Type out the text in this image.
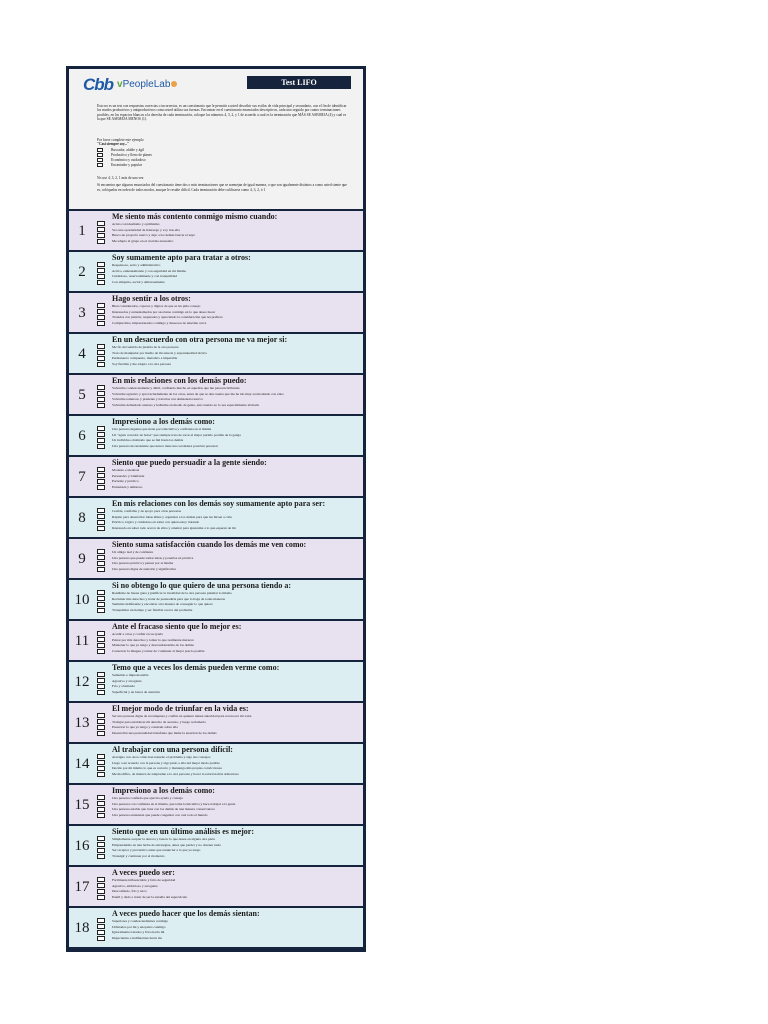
Cbb vPeopleLab	Test LIFO

Esto no es un test con respuestas correctas o incorrectas, es un cuestionario que le permitir a usted describir sus estilos de vida principal y secundario, con el fin de identificar los modos productivos y antiproductivos como usted utiliza sus fuerzas. Encontrar en el cuestionario enunciados descriptivos, cada uno seguido por cuatro terminaciones posibles, en los espacios blancos a la derecha de cada terminación, coloque los números 4, 3, 2, y 1 de acuerdo a cual es la terminación que MÁS SE ASEMEJA (4) y cual es la que SE ASEMEJA MENOS (1).

Por favor complete este ejemplo
"Casi siempre soy..."
Buscador, afable y ágil
Productivo y lleno de planes
Económico y cuidadoso
Encantador y popular
No use 4, 3, 2, 1 más de una vez
Si encuentra que algunos enunciados del cuestionario tiene dos o más terminaciones que se asemejan de igual manera, o que son igualmente distintos a como usted siente que es, colóquelas en orden de todos modos, aunque le resulte difícil. Cada terminación debe calificarse como 4, 3, 2, ó 1
1
Me siento más contento conmigo mismo cuando:
Actúo con idealismo y optimismo
Veo una oportunidad de liderazgo y voy tras ella
Busco un proyecto nuevo y dejo a los demás buscar el suyo
Me adapto al grupo en el cual me encuentro
2
Soy sumamente apto para tratar a otros:
Respetuoso, serio y administrativo
Activo, entusiasmando y con seguridad en mi mismo
Cuidadoso, reservadamente y con tranquilidad
Con simpatía, social y amistosamente
3
Hago sentir a los otros:
Bien considerados, capaces y dignos de que se les pida consejo
Interesados y entusiasmados por asociarse conmigo en lo que deseo hacer
Tratados con justicia, respetados y apreciando la consideración que les prefiero
Complacidos, impresionados conmigo y deseosos de tenerme cerca
4
En un desacuerdo con otra persona me va mejor si:
Me fio del sentido de justicia de la otra persona
Trato de manipular por medio de mi astucia y espontaneidad táctica
Permanezco compuesto, metódico e imparable
Soy flexible y me adapto a la otra persona
5
En mis relaciones con los demás puedo:
Volverme condescendiente y débil, confiando mucho en aquellos que me parecen brillantes
Volverme agresivo y aprovechadamente de los otros, antes de que se den cuenta que me he ido muy acomodando con ellos
Volverme temeroso y prudente y tratarlos con demasiada reserva
Volverme demasiado ansioso y hallarme en medio de gente, aun cuando no lo sea especialmente invitada
6
Impresiono a los demás como:
Una persona ingenua que tiene poca iniciativa y confianza en sí misma
Un "agala corredor de bolsa" que siempre trata de sacar el mejor partido posible de la ganga
Un individuo obstinado que se fiel hasta los demás
Una persona inconsistente que nunca tiene una verdadera posición personal
7
Siento que puedo persuadir a la gente siendo:
Modesto e idealista
Persuasivo y triunfante
Paciente y práctico
Entusiasta y amistoso
8
En mis relaciones con los demás soy sumamente apto para ser:
Creíble, confiable y de apoyo para otras personas
Rápido para desarrollar ideas útiles y organizar a los demás para que las lleven a cabo
Práctico, lógico y cuidadoso en saber con quien estoy tratando
Interesado en saber todo acerca de ellos y orientar para ajustarme a lo que esperan de mi
9
Siento suma satisfacción cuando los demás me ven como:
Un amigo leal y de confianza
Una persona que puede tomar ideas y ponerlas en práctica
Una persona práctica y pensar por sí misma
Una persona digna de atención y significativa
10
Si no obtengo lo que quiero de una persona tiendo a:
Rendirme de buena gana y justificar la irrealidad de la otra persona plasmar lo mismo
Reclamar mis derechos y tratar de persuadirla para que lo haga de todas maneras
Sentirme indiferente y encontrar otra manera de conseguir lo que quiero
Tranquilizar un tiempo y ser flexible acerca del problema
11
Ante el fracaso siento que lo mejor es:
Acudir a otros y confiar en su ayuda
Pelear por mis derechos y tomar lo que realmente merezco
Mantener lo que ya tengo y desconsiderarme de los demás
Conservar la imagen y tomar de 'continuar al mejor precio posible
12
Temo que a veces los demás pueden verme como:
Sumatido e impresionable
Agresivo y arrogante
Frío y obstinado
Superficial y en busca de atención
13
El mejor modo de triunfar en la vida es:
Ser una persona digna de recompensa y confiar en quienes tienen autoridad para reconocer mi valor
Trabajar para establecer mi derecho de ascenso, y luego reclamarlo
Preservar lo que ya tengo y construir sobre ello
Desarrollar una personalidad triunfante que llame la atención de los demás
14
Al trabajar con una persona difícil:
Averiguo con otros cómo han resuelto el problema y sigo sus consejos
Llego a un acuerdo con la persona y sigo junto a ella del mejor modo posible
Decido por mi mismo lo que es correcto y mantengo mis propias convicciones
Me modifico, de manera de adaptarme a la otra persona y hacer la relación más armoniosa
15
Impresiono a los demás como:
Una persona confiada que ejercita ayuda y consejo
Una persona con confianza en sí misma, que toma la iniciativa y hace trabajar a la gente
Una persona estable que trata con los demás de una manera conservadora
Una persona entusiasta que puede congeniar con casi todo el mundo
16
Siento que en un último análisis es mejor:
Simplemente aceptar la derrota y buscar lo que desee en alguna otra parte
Emprenderme en una lucha de estrategias, antes que perder y no obtener nada
Ser receptor y preventivo antes que renunciar a lo que ya tengo
Transigir y continuar por el momento
17
A veces puedo ser:
Fácilmente influenciable y falto de seguridad
Agresivo, ambicioso y arrogante
Desconfiado, frío y terco
Pueril y dado a tratar de ser la estrella del espectáculo
18
A veces puedo hacer que los demás sientan:
Superiores y condescendientes conmigo
Utilizados por mi y enojados conmigo
Ignoramente tratados y fríos hacia mi
Impacientes e indiferentes hacia mi
